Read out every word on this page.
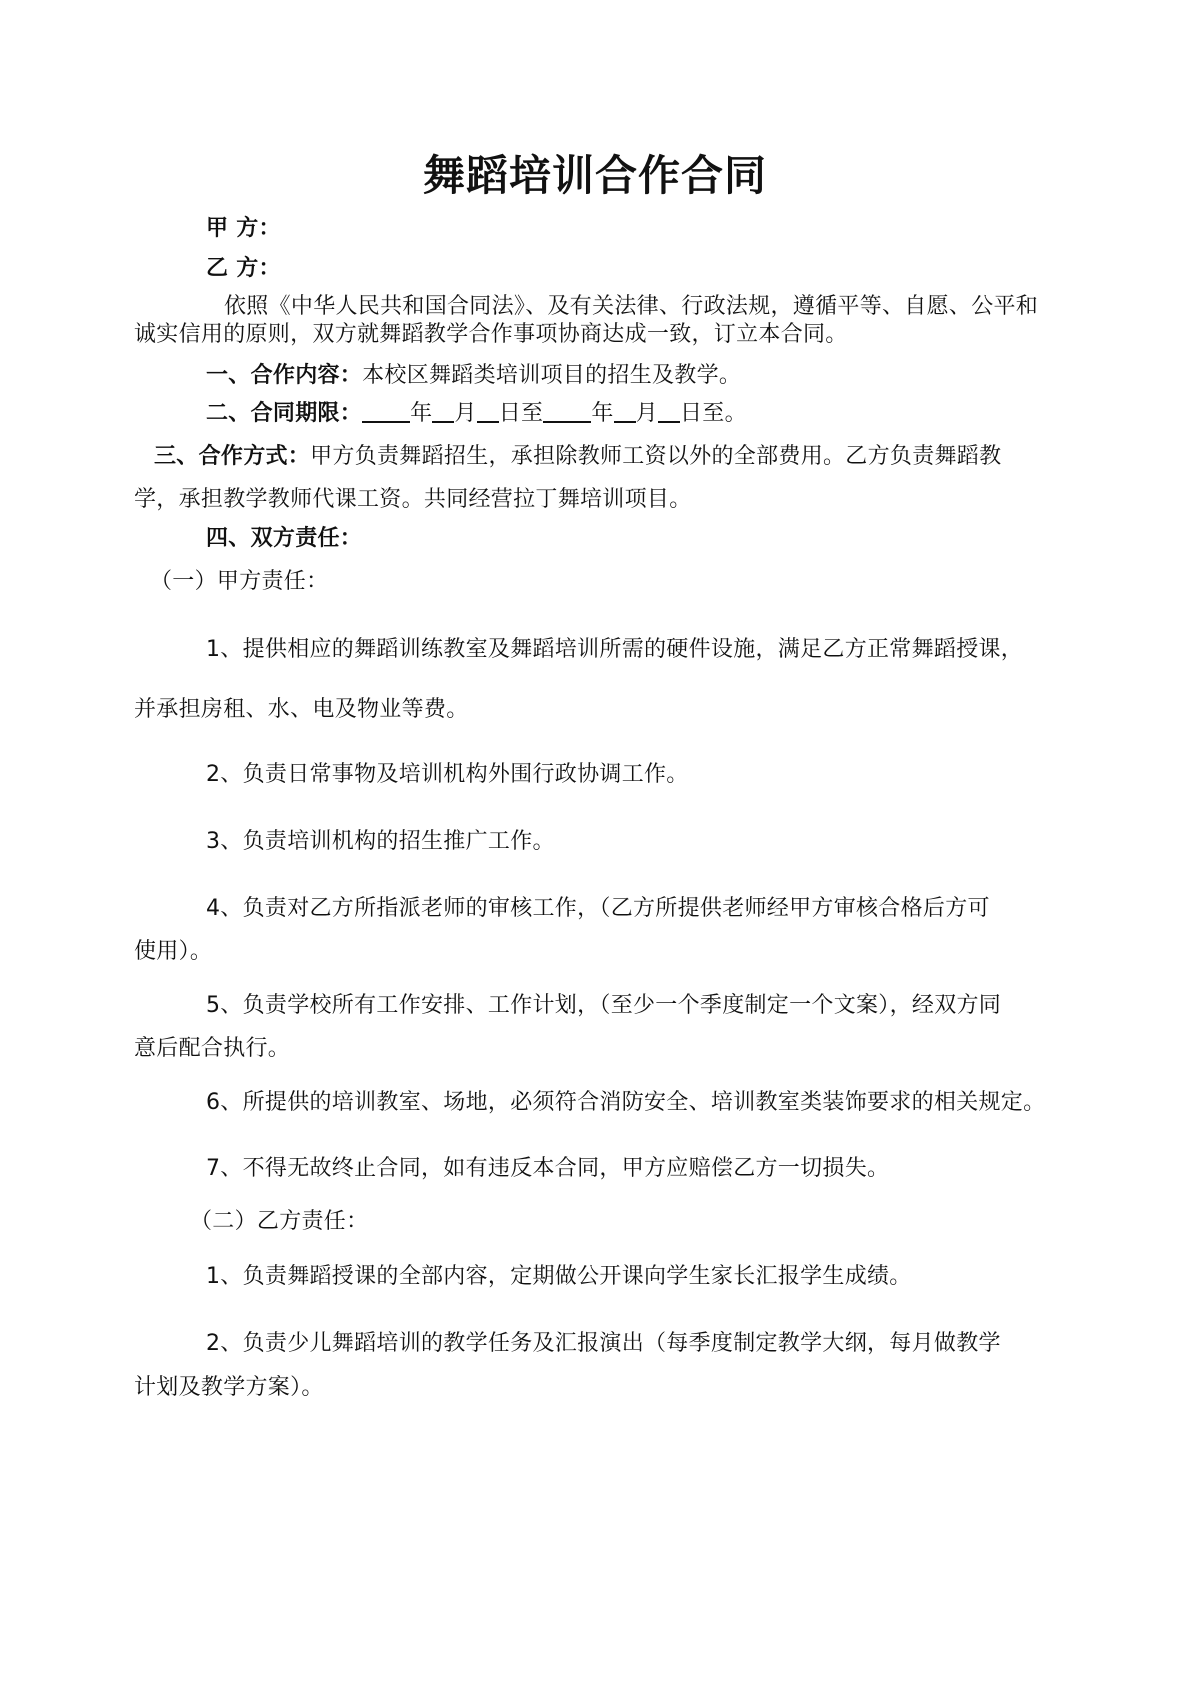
舞蹈培训合作合同
甲 方：
乙 方：
依照《中华人民共和国合同法》、及有关法律、行政法规，遵循平等、自愿、公平和
诚实信用的原则，双方就舞蹈教学合作事项协商达成一致，订立本合同。
一、合作内容：本校区舞蹈类培训项目的招生及教学。
二、合同期限： 年 月 日至 年 月 日至。
三、合作方式：甲方负责舞蹈招生，承担除教师工资以外的全部费用。乙方负责舞蹈教
学，承担教学教师代课工资。共同经营拉丁舞培训项目。
四、双方责任：
（一）甲方责任：
1、提供相应的舞蹈训练教室及舞蹈培训所需的硬件设施，满足乙方正常舞蹈授课，
并承担房租、水、电及物业等费。
2、负责日常事物及培训机构外围行政协调工作。
3、负责培训机构的招生推广工作。
4、负责对乙方所指派老师的审核工作，（乙方所提供老师经甲方审核合格后方可
使用）。
5、负责学校所有工作安排、工作计划，（至少一个季度制定一个文案），经双方同
意后配合执行。
6、所提供的培训教室、场地，必须符合消防安全、培训教室类装饰要求的相关规定。
7、不得无故终止合同，如有违反本合同，甲方应赔偿乙方一切损失。
（二）乙方责任：
1、负责舞蹈授课的全部内容，定期做公开课向学生家长汇报学生成绩。
2、负责少儿舞蹈培训的教学任务及汇报演出（每季度制定教学大纲，每月做教学
计划及教学方案）。
